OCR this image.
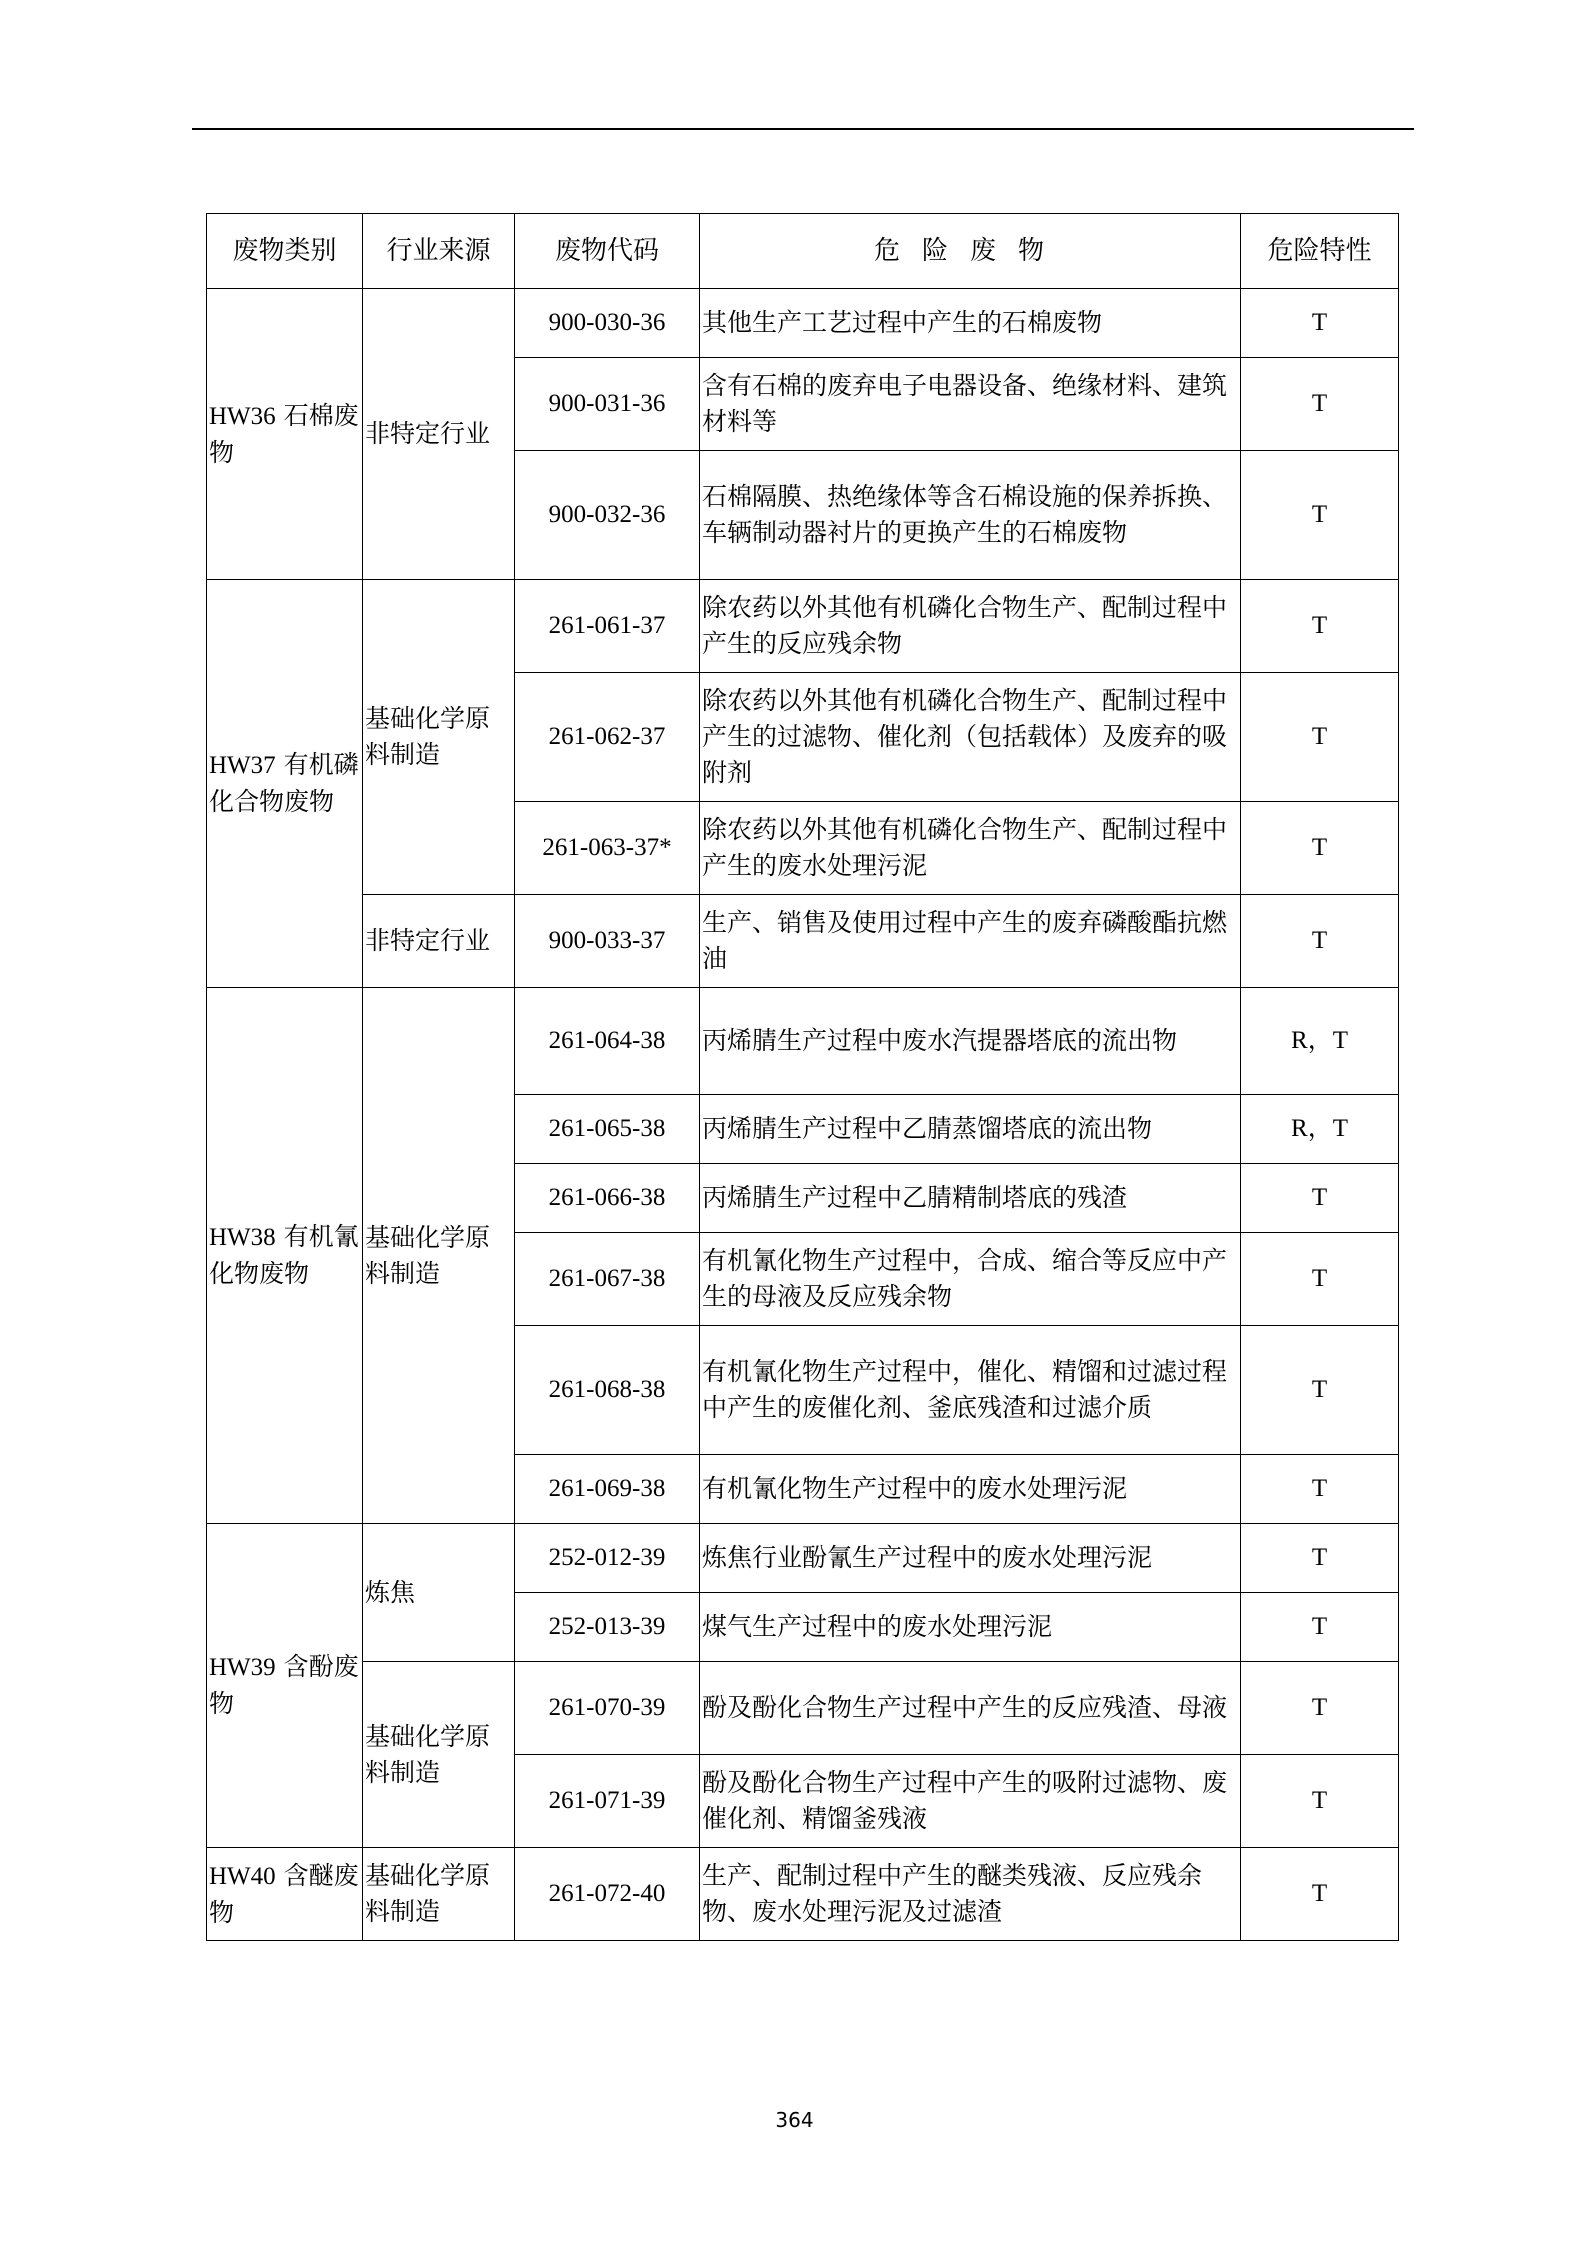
废物类别	行业来源	废物代码	危险废物	危险特性
HW36 石棉废物	非特定行业	900-030-36	其他生产工艺过程中产生的石棉废物	T
		900-031-36	含有石棉的废弃电子电器设备、绝缘材料、建筑材料等	T
		900-032-36	石棉隔膜、热绝缘体等含石棉设施的保养拆换、车辆制动器衬片的更换产生的石棉废物	T
HW37 有机磷化合物废物	基础化学原料制造	261-061-37	除农药以外其他有机磷化合物生产、配制过程中产生的反应残余物	T
		261-062-37	除农药以外其他有机磷化合物生产、配制过程中产生的过滤物、催化剂（包括载体）及废弃的吸附剂	T
		261-063-37*	除农药以外其他有机磷化合物生产、配制过程中产生的废水处理污泥	T
	非特定行业	900-033-37	生产、销售及使用过程中产生的废弃磷酸酯抗燃油	T
HW38 有机氰化物废物	基础化学原料制造	261-064-38	丙烯腈生产过程中废水汽提器塔底的流出物	R，T
		261-065-38	丙烯腈生产过程中乙腈蒸馏塔底的流出物	R，T
		261-066-38	丙烯腈生产过程中乙腈精制塔底的残渣	T
		261-067-38	有机氰化物生产过程中，合成、缩合等反应中产生的母液及反应残余物	T
		261-068-38	有机氰化物生产过程中，催化、精馏和过滤过程中产生的废催化剂、釜底残渣和过滤介质	T
		261-069-38	有机氰化物生产过程中的废水处理污泥	T
HW39 含酚废物	炼焦	252-012-39	炼焦行业酚氰生产过程中的废水处理污泥	T
		252-013-39	煤气生产过程中的废水处理污泥	T
	基础化学原料制造	261-070-39	酚及酚化合物生产过程中产生的反应残渣、母液	T
		261-071-39	酚及酚化合物生产过程中产生的吸附过滤物、废催化剂、精馏釜残液	T
HW40 含醚废物	基础化学原料制造	261-072-40	生产、配制过程中产生的醚类残液、反应残余物、废水处理污泥及过滤渣	T
364
